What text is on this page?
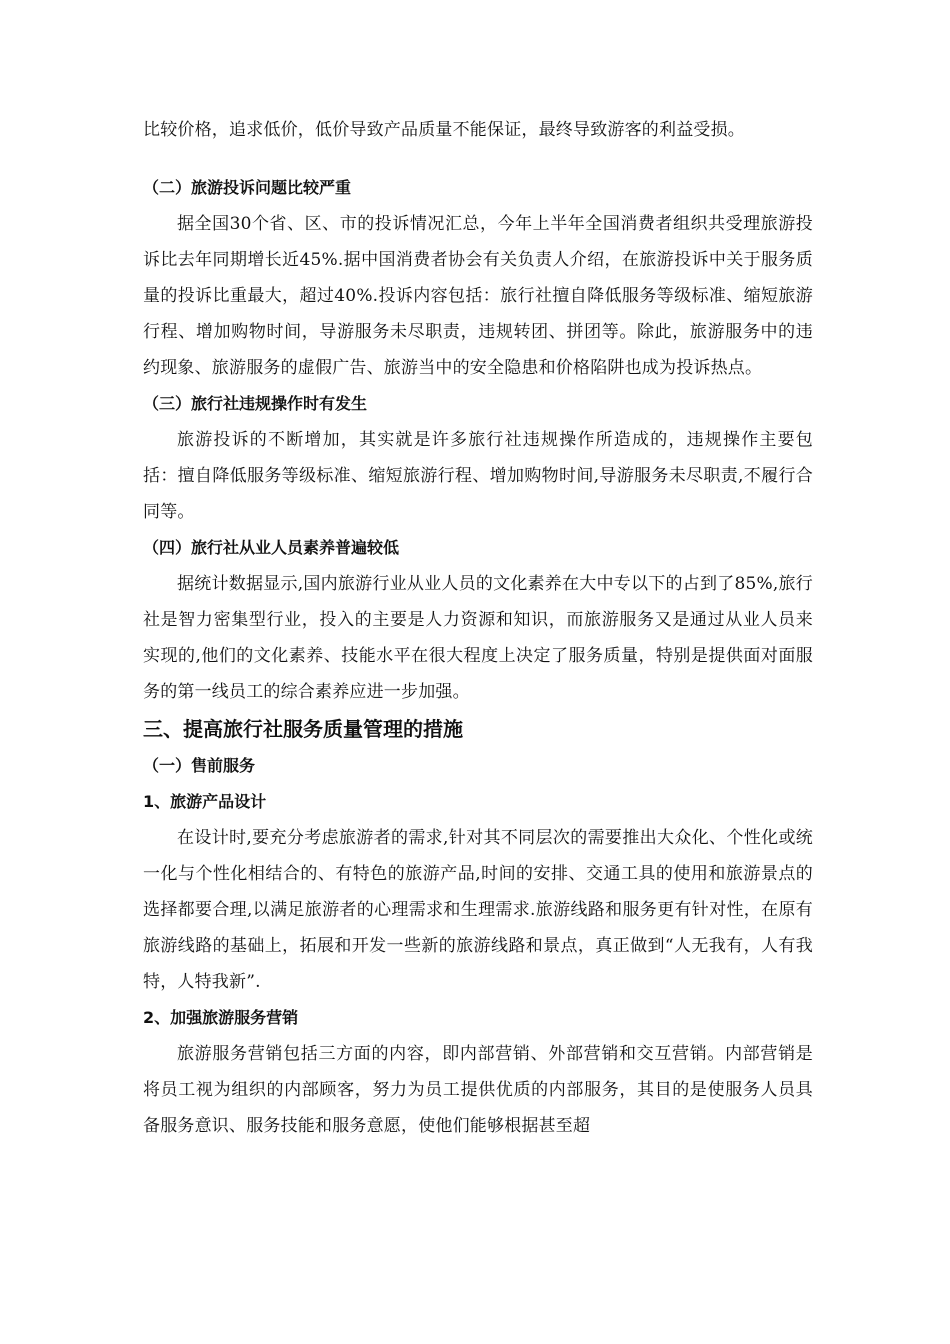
比较价格，追求低价，低价导致产品质量不能保证，最终导致游客的利益受损。

（二）旅游投诉问题比较严重

据全国30个省、区、市的投诉情况汇总，今年上半年全国消费者组织共受理旅游投诉比去年同期增长近45%.据中国消费者协会有关负责人介绍，在旅游投诉中关于服务质量的投诉比重最大，超过40%.投诉内容包括：旅行社擅自降低服务等级标准、缩短旅游行程、增加购物时间，导游服务未尽职责，违规转团、拼团等。除此，旅游服务中的违约现象、旅游服务的虚假广告、旅游当中的安全隐患和价格陷阱也成为投诉热点。

（三）旅行社违规操作时有发生

旅游投诉的不断增加，其实就是许多旅行社违规操作所造成的，违规操作主要包括：擅自降低服务等级标准、缩短旅游行程、增加购物时间,导游服务未尽职责,不履行合同等。

（四）旅行社从业人员素养普遍较低

据统计数据显示,国内旅游行业从业人员的文化素养在大中专以下的占到了85%,旅行社是智力密集型行业，投入的主要是人力资源和知识，而旅游服务又是通过从业人员来实现的,他们的文化素养、技能水平在很大程度上决定了服务质量，特别是提供面对面服务的第一线员工的综合素养应进一步加强。

三、提高旅行社服务质量管理的措施

（一）售前服务

1、旅游产品设计

在设计时,要充分考虑旅游者的需求,针对其不同层次的需要推出大众化、个性化或统一化与个性化相结合的、有特色的旅游产品,时间的安排、交通工具的使用和旅游景点的选择都要合理,以满足旅游者的心理需求和生理需求.旅游线路和服务更有针对性，在原有旅游线路的基础上，拓展和开发一些新的旅游线路和景点，真正做到“人无我有，人有我特，人特我新”.

2、加强旅游服务营销

旅游服务营销包括三方面的内容，即内部营销、外部营销和交互营销。内部营销是将员工视为组织的内部顾客，努力为员工提供优质的内部服务，其目的是使服务人员具备服务意识、服务技能和服务意愿，使他们能够根据甚至超
